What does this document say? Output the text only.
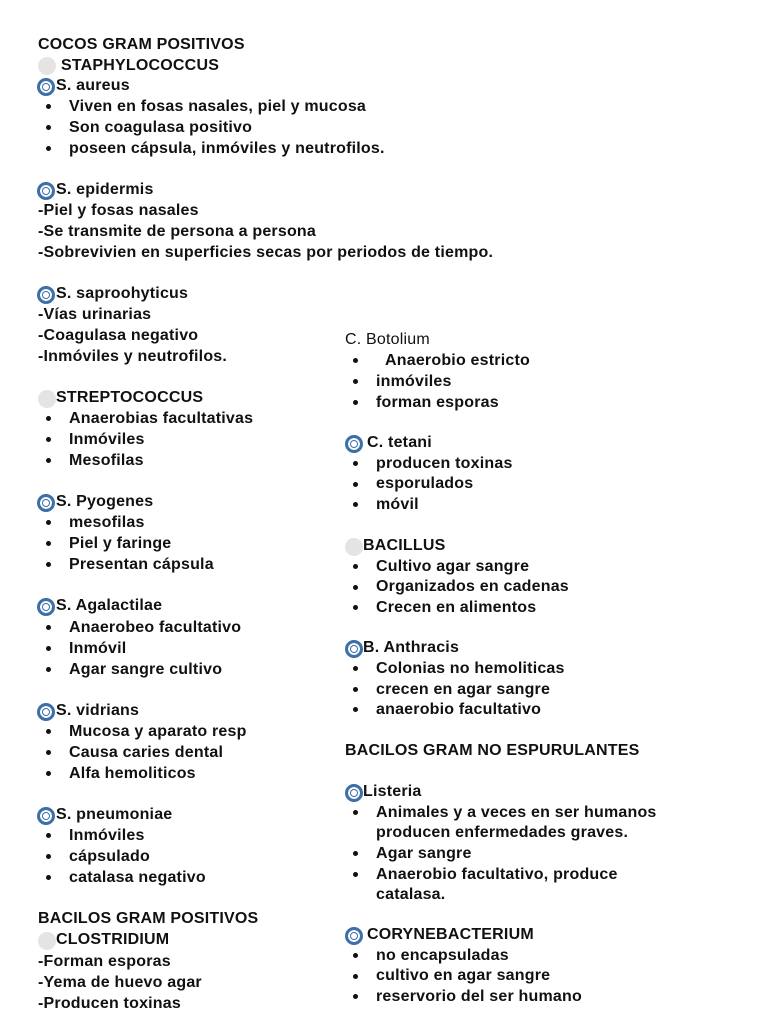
COCOS GRAM POSITIVOS
STAPHYLOCOCCUS
S. aureus
Viven en fosas nasales, piel y mucosa
Son coagulasa positivo
poseen cápsula, inmóviles y neutrofilos.
S. epidermis
-Piel y fosas nasales
-Se transmite de persona a persona
-Sobrevivien en superficies secas por periodos de tiempo.
S. saproohyticus
-Vías urinarias
-Coagulasa negativo
-Inmóviles y neutrofilos.
STREPTOCOCCUS
Anaerobias facultativas
Inmóviles
Mesofilas
S. Pyogenes
mesofilas
Piel y faringe
Presentan cápsula
S. Agalactilae
Anaerobeo facultativo
Inmóvil
Agar sangre cultivo
S. vidrians
Mucosa y aparato resp
Causa caries dental
Alfa hemoliticos
S. pneumoniae
Inmóviles
cápsulado
catalasa negativo
BACILOS GRAM POSITIVOS
CLOSTRIDIUM
-Forman esporas
-Yema de huevo agar
-Producen toxinas
C. Botolium
Anaerobio estricto
inmóviles
forman esporas
C. tetani
producen toxinas
esporulados
móvil
BACILLUS
Cultivo agar sangre
Organizados en cadenas
Crecen en alimentos
B. Anthracis
Colonias no hemoliticas
crecen en agar sangre
anaerobio facultativo
BACILOS GRAM NO ESPURULANTES
Listeria
Animales y a veces en ser humanos
producen enfermedades graves.
Agar sangre
Anaerobio facultativo, produce
catalasa.
CORYNEBACTERIUM
no encapsuladas
cultivo en agar sangre
reservorio del ser humano
